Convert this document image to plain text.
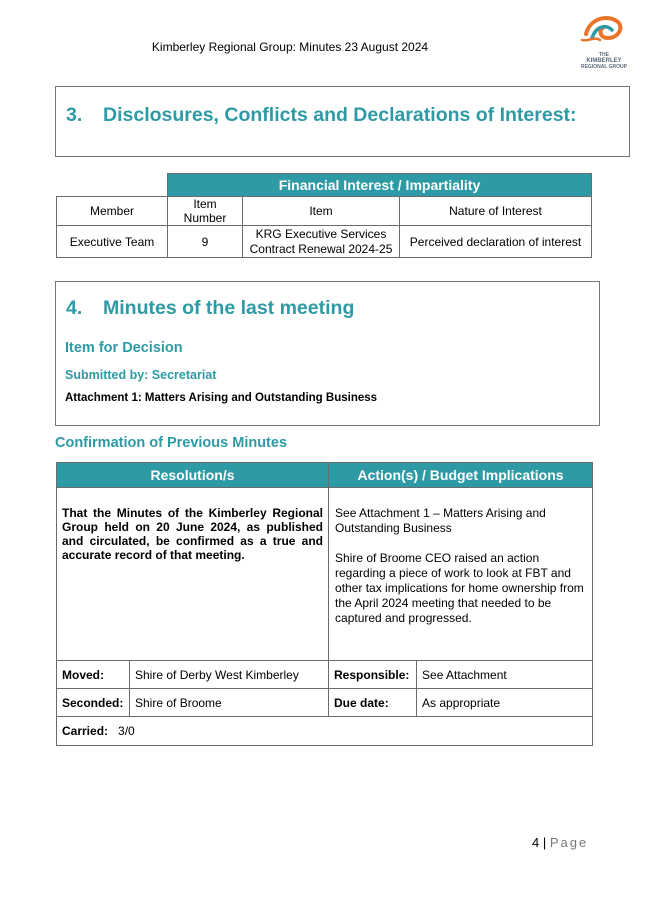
Kimberley Regional Group: Minutes 23 August 2024
THE
KIMBERLEY
REGIONAL GROUP
3. Disclosures, Conflicts and Declarations of Interest:
	Financial Interest / Impartiality		
Member	Item Number	Item	Nature of Interest
Executive Team	9	KRG Executive Services Contract Renewal 2024-25	Perceived declaration of interest
4. Minutes of the last meeting
Item for Decision
Submitted by: Secretariat
Attachment 1: Matters Arising and Outstanding Business
Confirmation of Previous Minutes
Resolution/s		Action(s) / Budget Implications	
That the Minutes of the Kimberley Regional Group held on 20 June 2024, as published and circulated, be confirmed as a true and accurate record of that meeting.		See Attachment 1 – Matters Arising and Outstanding Business

Shire of Broome CEO raised an action regarding a piece of work to look at FBT and other tax implications for home ownership from the April 2024 meeting that needed to be captured and progressed.	

Moved:	Shire of Derby West Kimberley	Responsible:	See Attachment
Seconded:	Shire of Broome	Due date:	As appropriate
Carried: 3/0			
4 | Page
